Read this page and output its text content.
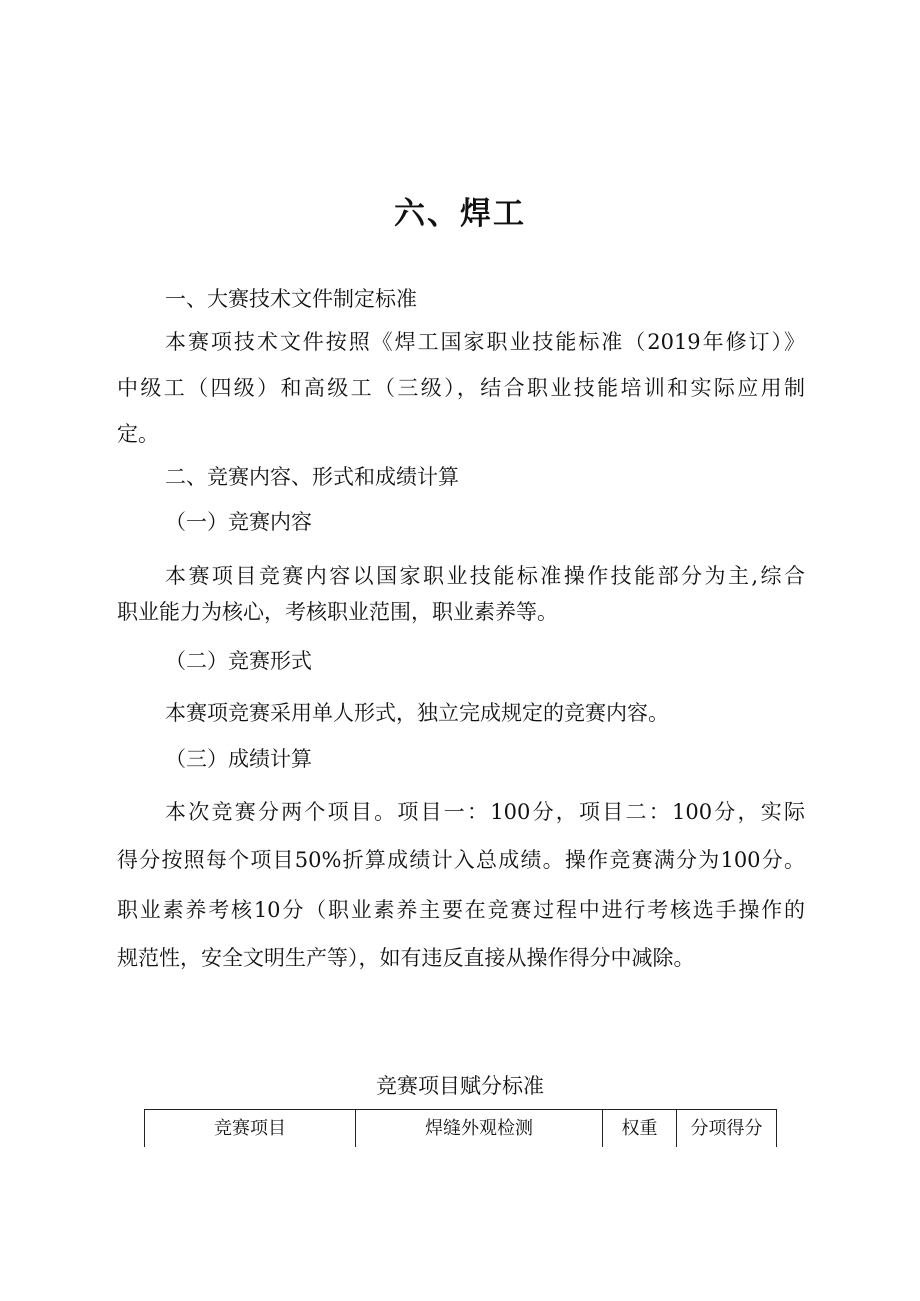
六、焊工

一、大赛技术文件制定标准

本赛项技术文件按照《焊工国家职业技能标准（2019年修订）》

中级工（四级）和高级工（三级），结合职业技能培训和实际应用制

定。

二、竞赛内容、形式和成绩计算

（一）竞赛内容

本赛项目竞赛内容以国家职业技能标准操作技能部分为主,综合

职业能力为核心，考核职业范围，职业素养等。

（二）竞赛形式

本赛项竞赛采用单人形式，独立完成规定的竞赛内容。

（三）成绩计算

本次竞赛分两个项目。项目一：100分，项目二：100分，实际

得分按照每个项目50%折算成绩计入总成绩。操作竞赛满分为100分。

职业素养考核10分（职业素养主要在竞赛过程中进行考核选手操作的

规范性，安全文明生产等），如有违反直接从操作得分中减除。

竞赛项目赋分标准

竞赛项目	焊缝外观检测	权重	分项得分
